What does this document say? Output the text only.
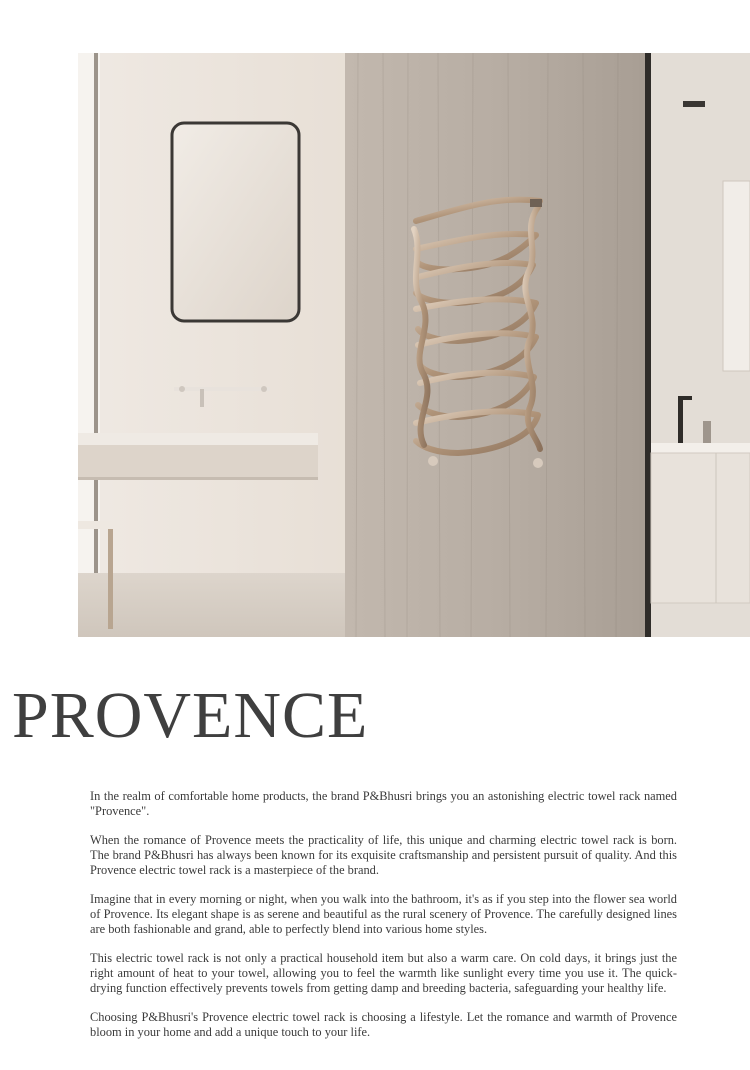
PROVENCE

In the realm of comfortable home products, the brand P&Bhusri brings you an astonishing electric towel rack named "Provence".

When the romance of Provence meets the practicality of life, this unique and charming electric towel rack is born. The brand P&Bhusri has always been known for its exquisite craftsmanship and persistent pursuit of quality. And this Provence electric towel rack is a masterpiece of the brand.

Imagine that in every morning or night, when you walk into the bathroom, it's as if you step into the flower sea world of Provence. Its elegant shape is as serene and beautiful as the rural scenery of Provence. The carefully designed lines are both fashionable and grand, able to perfectly blend into various home styles.

This electric towel rack is not only a practical household item but also a warm care. On cold days, it brings just the right amount of heat to your towel, allowing you to feel the warmth like sunlight every time you use it. The quick-drying function effectively prevents towels from getting damp and breeding bacteria, safeguarding your healthy life.

Choosing P&Bhusri's Provence electric towel rack is choosing a lifestyle. Let the romance and warmth of Provence bloom in your home and add a unique touch to your life.
